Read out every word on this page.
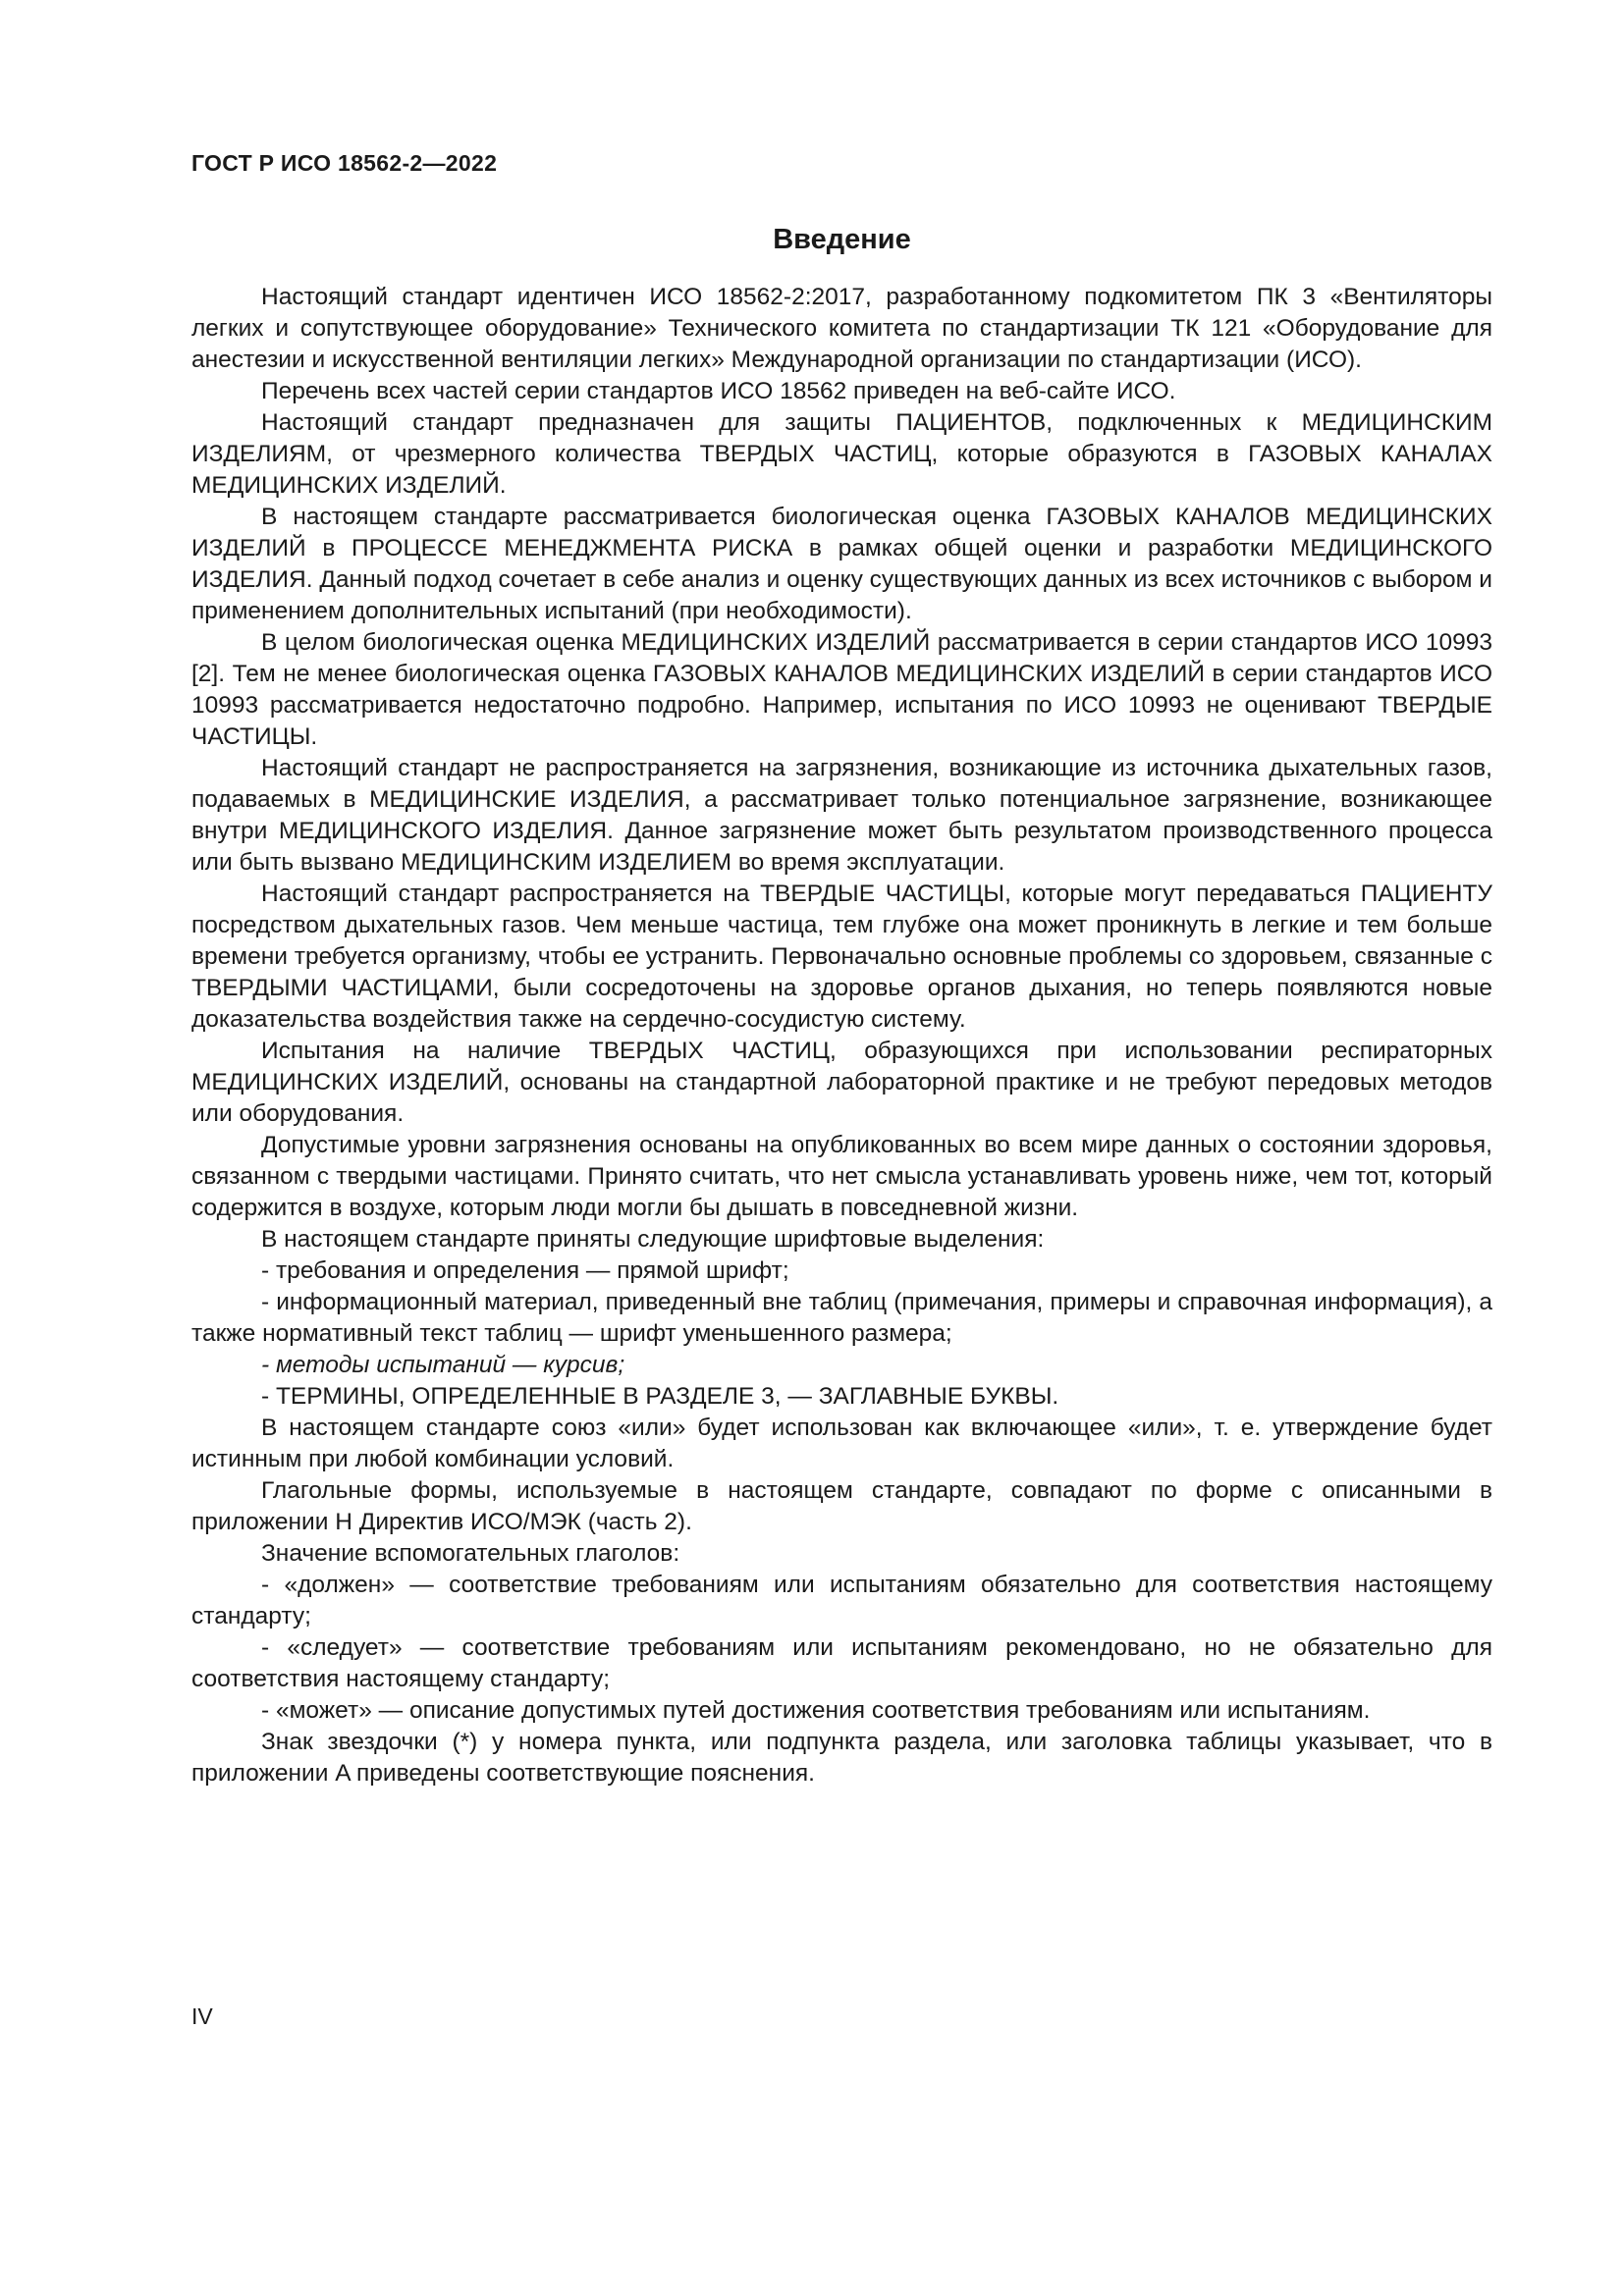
ГОСТ Р ИСО 18562-2—2022
Введение

Настоящий стандарт идентичен ИСО 18562-2:2017, разработанному подкомитетом ПК 3 «Вентиляторы легких и сопутствующее оборудование» Технического комитета по стандартизации ТК 121 «Оборудование для анестезии и искусственной вентиляции легких» Международной организации по стандартизации (ИСО).

Перечень всех частей серии стандартов ИСО 18562 приведен на веб-сайте ИСО.

Настоящий стандарт предназначен для защиты ПАЦИЕНТОВ, подключенных к МЕДИЦИНСКИМ ИЗДЕЛИЯМ, от чрезмерного количества ТВЕРДЫХ ЧАСТИЦ, которые образуются в ГАЗОВЫХ КАНАЛАХ МЕДИЦИНСКИХ ИЗДЕЛИЙ.

В настоящем стандарте рассматривается биологическая оценка ГАЗОВЫХ КАНАЛОВ МЕДИЦИНСКИХ ИЗДЕЛИЙ в ПРОЦЕССЕ МЕНЕДЖМЕНТА РИСКА в рамках общей оценки и разработки МЕДИЦИНСКОГО ИЗДЕЛИЯ. Данный подход сочетает в себе анализ и оценку существующих данных из всех источников с выбором и применением дополнительных испытаний (при необходимости).

В целом биологическая оценка МЕДИЦИНСКИХ ИЗДЕЛИЙ рассматривается в серии стандартов ИСО 10993 [2]. Тем не менее биологическая оценка ГАЗОВЫХ КАНАЛОВ МЕДИЦИНСКИХ ИЗДЕЛИЙ в серии стандартов ИСО 10993 рассматривается недостаточно подробно. Например, испытания по ИСО 10993 не оценивают ТВЕРДЫЕ ЧАСТИЦЫ.

Настоящий стандарт не распространяется на загрязнения, возникающие из источника дыхательных газов, подаваемых в МЕДИЦИНСКИЕ ИЗДЕЛИЯ, а рассматривает только потенциальное загрязнение, возникающее внутри МЕДИЦИНСКОГО ИЗДЕЛИЯ. Данное загрязнение может быть результатом производственного процесса или быть вызвано МЕДИЦИНСКИМ ИЗДЕЛИЕМ во время эксплуатации.

Настоящий стандарт распространяется на ТВЕРДЫЕ ЧАСТИЦЫ, которые могут передаваться ПАЦИЕНТУ посредством дыхательных газов. Чем меньше частица, тем глубже она может проникнуть в легкие и тем больше времени требуется организму, чтобы ее устранить. Первоначально основные проблемы со здоровьем, связанные с ТВЕРДЫМИ ЧАСТИЦАМИ, были сосредоточены на здоровье органов дыхания, но теперь появляются новые доказательства воздействия также на сердечно-сосудистую систему.

Испытания на наличие ТВЕРДЫХ ЧАСТИЦ, образующихся при использовании респираторных МЕДИЦИНСКИХ ИЗДЕЛИЙ, основаны на стандартной лабораторной практике и не требуют передовых методов или оборудования.

Допустимые уровни загрязнения основаны на опубликованных во всем мире данных о состоянии здоровья, связанном с твердыми частицами. Принято считать, что нет смысла устанавливать уровень ниже, чем тот, который содержится в воздухе, которым люди могли бы дышать в повседневной жизни.

В настоящем стандарте приняты следующие шрифтовые выделения:

- требования и определения — прямой шрифт;

- информационный материал, приведенный вне таблиц (примечания, примеры и справочная информация), а также нормативный текст таблиц — шрифт уменьшенного размера;

- методы испытаний — курсив;

- ТЕРМИНЫ, ОПРЕДЕЛЕННЫЕ В РАЗДЕЛЕ 3, — ЗАГЛАВНЫЕ БУКВЫ.

В настоящем стандарте союз «или» будет использован как включающее «или», т. е. утверждение будет истинным при любой комбинации условий.

Глагольные формы, используемые в настоящем стандарте, совпадают по форме с описанными в приложении H Директив ИСО/МЭК (часть 2).

Значение вспомогательных глаголов:

- «должен» — соответствие требованиям или испытаниям обязательно для соответствия настоящему стандарту;

- «следует» — соответствие требованиям или испытаниям рекомендовано, но не обязательно для соответствия настоящему стандарту;

- «может» — описание допустимых путей достижения соответствия требованиям или испытаниям.

Знак звездочки (*) у номера пункта, или подпункта раздела, или заголовка таблицы указывает, что в приложении A приведены соответствующие пояснения.

IV
